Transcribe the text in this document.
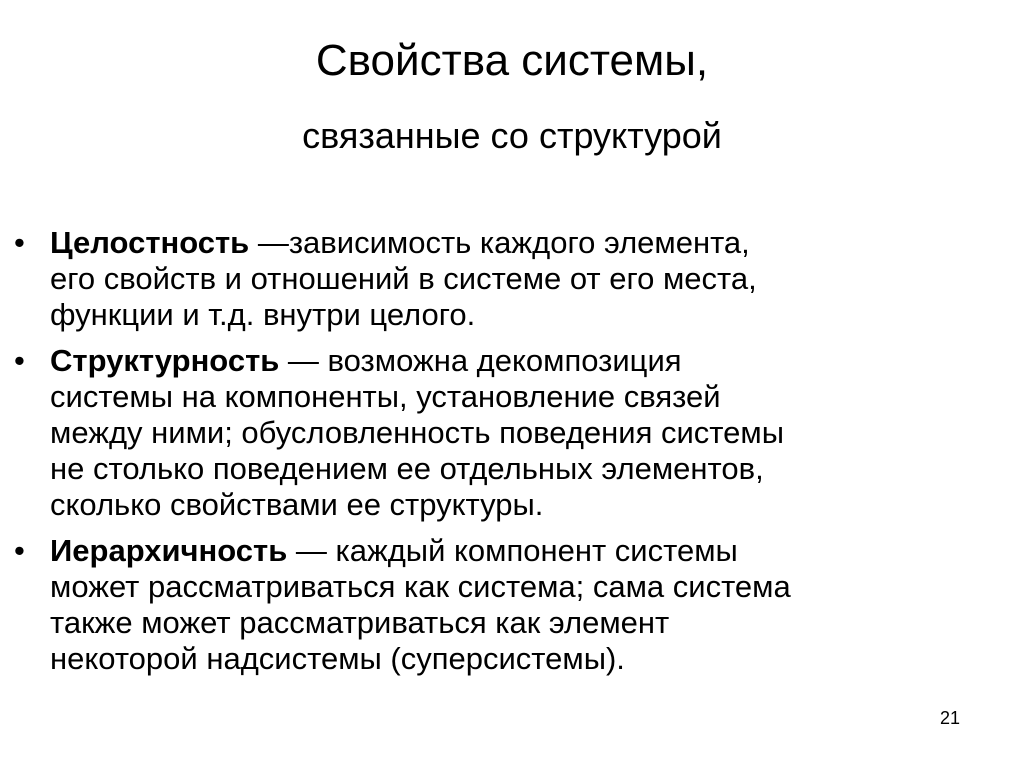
Свойства системы,
связанные со структурой
• Целостность —зависимость каждого элемента,
его свойств и отношений в системе от его места,
функции и т.д. внутри целого.
• Структурность — возможна декомпозиция
системы на компоненты, установление связей
между ними; обусловленность поведения системы
не столько поведением ее отдельных элементов,
сколько свойствами ее структуры.
• Иерархичность — каждый компонент системы
может рассматриваться как система; сама система
также может рассматриваться как элемент
некоторой надсистемы (суперсистемы).
21
